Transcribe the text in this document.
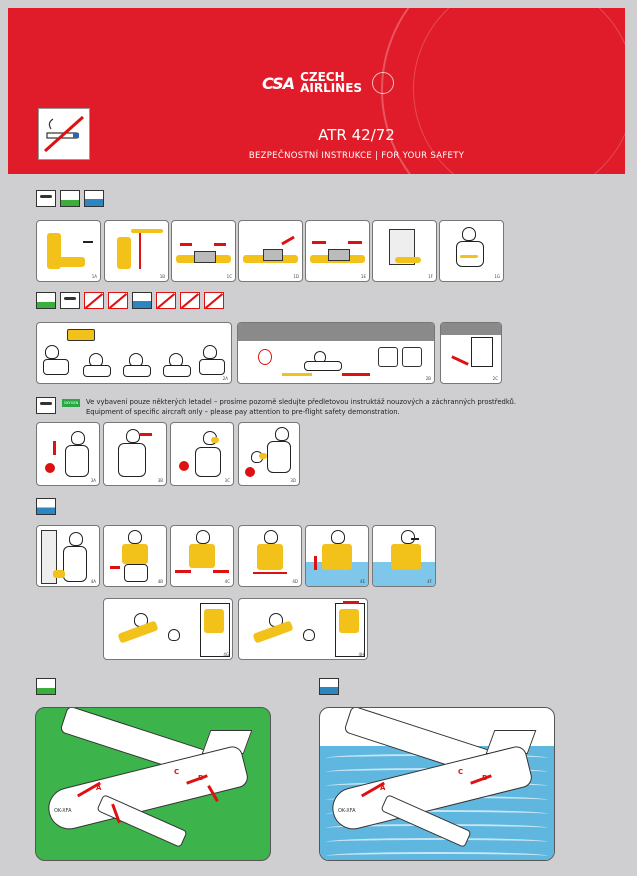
CSA CZECH
AIRLINES
ATR 42/72
BEZPEČNOSTNÍ INSTRUKCE | FOR YOUR SAFETY
1A	1B	1C	1D	1E	1F	1G
2A	2B	2C
OXYGEN	Ve vybavení pouze některých letadel – prosíme pozorně sledujte předletovou instruktáž nouzových a záchranných prostředků.
Equipment of specific aircraft only – please pay attention to pre-flight safety demonstration.
3A	3B	3C	3D
4A	4B	4C	4D	4E	4F
4G	4H
OK-XFA
A
C
OK-XFA
A
C
